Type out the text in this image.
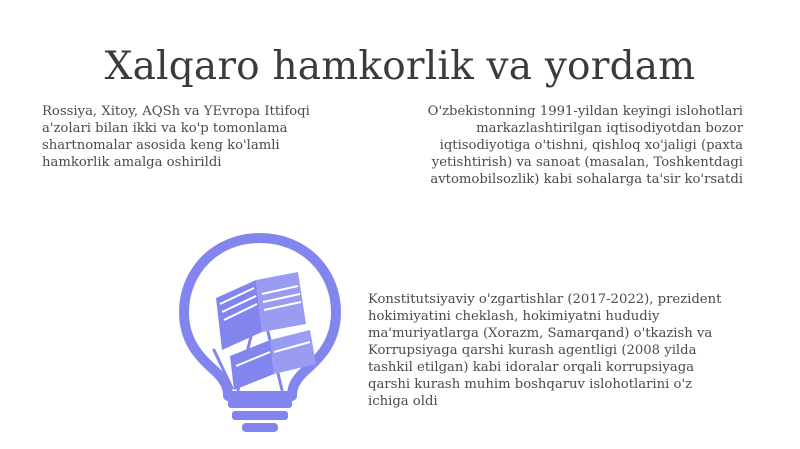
Xalqaro hamkorlik va yordam

Rossiya, Xitoy, AQSh va YEvropa Ittifoqi
a'zolari bilan ikki va ko'p tomonlama
shartnomalar asosida keng ko'lamli
hamkorlik amalga oshirildi

O'zbekistonning 1991-yildan keyingi islohotlari
markazlashtirilgan iqtisodiyotdan bozor
iqtisodiyotiga o'tishni, qishloq xo'jaligi (paxta
yetishtirish) va sanoat (masalan, Toshkentdagi
avtomobilsozlik) kabi sohalarga ta'sir ko'rsatdi

Konstitutsiyaviy o'zgartishlar (2017-2022), prezident
hokimiyatini cheklash, hokimiyatni hududiy
ma'muriyatlarga (Xorazm, Samarqand) o'tkazish va
Korrupsiyaga qarshi kurash agentligi (2008 yilda
tashkil etilgan) kabi idoralar orqali korrupsiyaga
qarshi kurash muhim boshqaruv islohotlarini o'z
ichiga oldi
